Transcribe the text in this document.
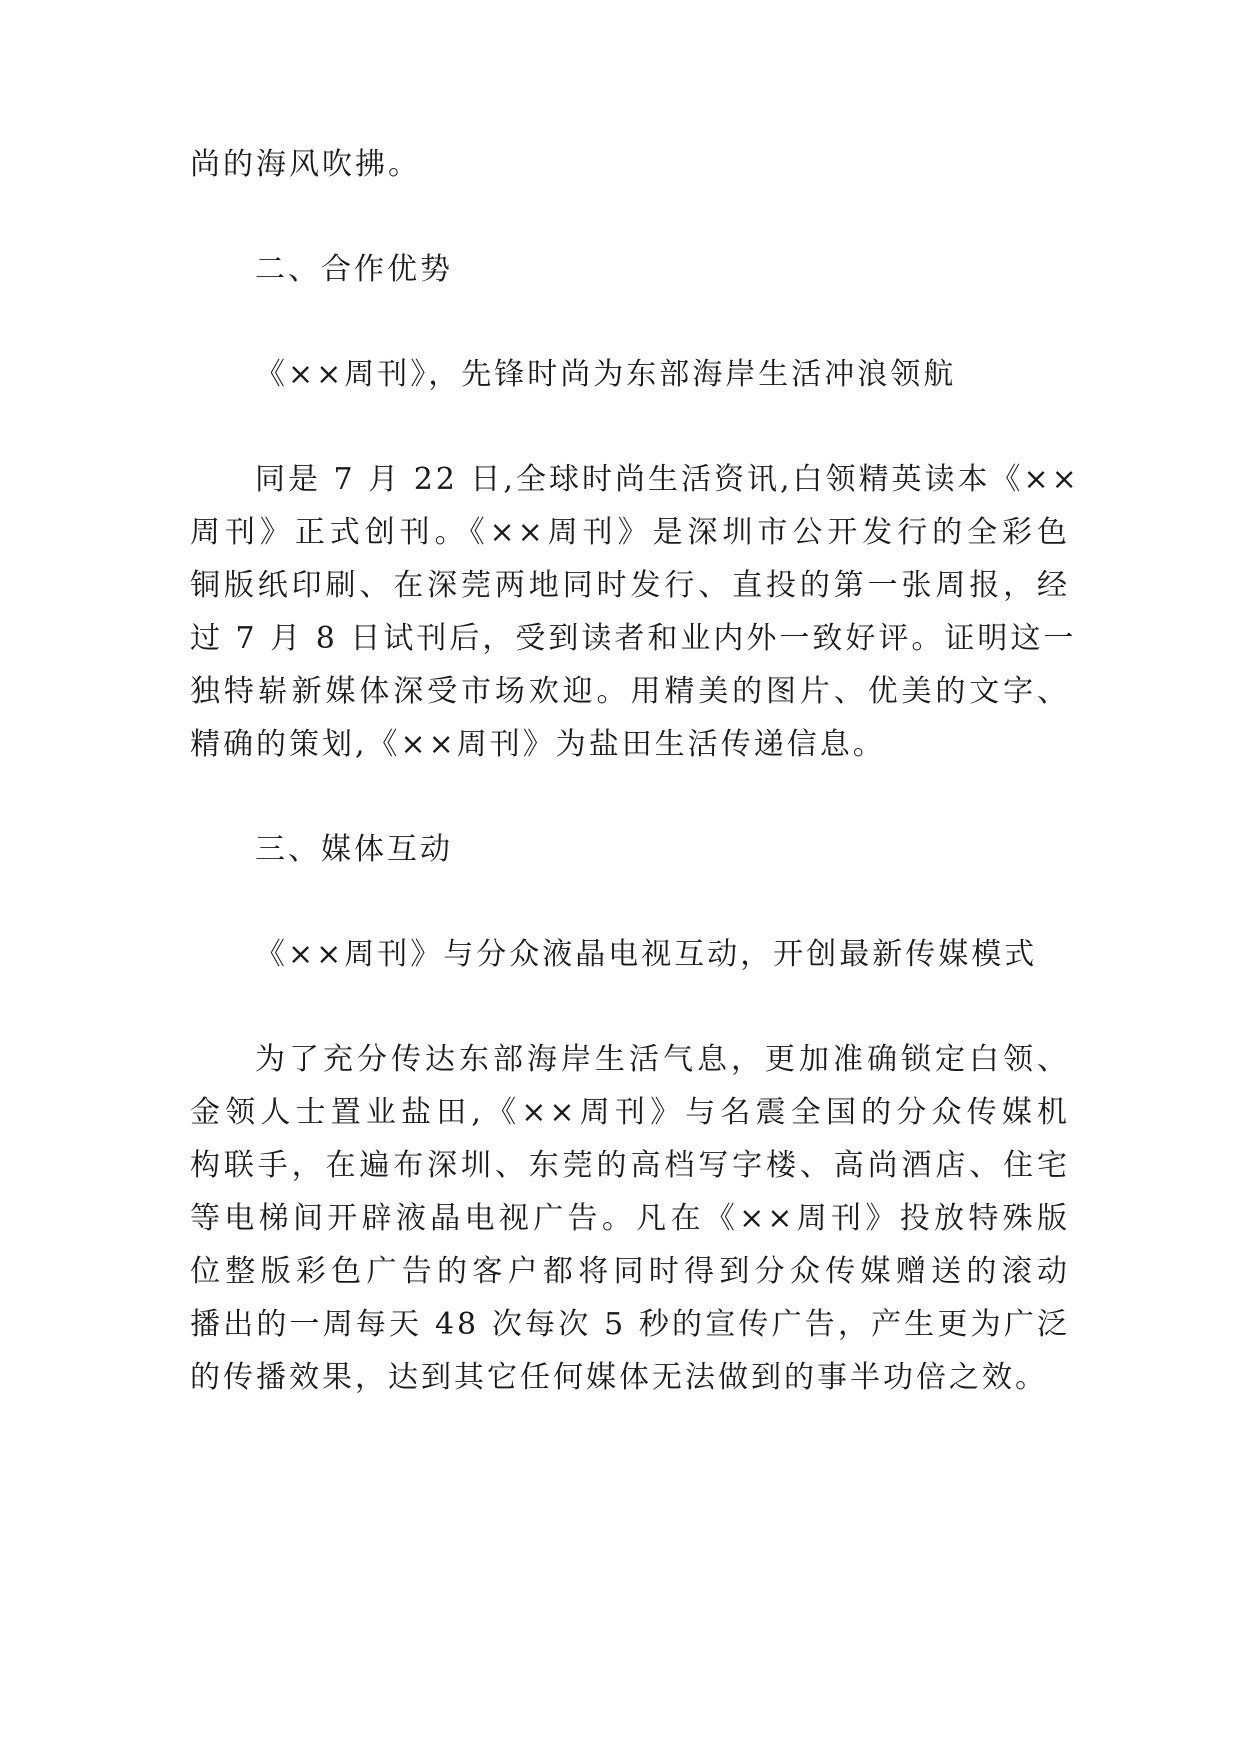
尚的海风吹拂。
二、合作优势
《××周刊》，先锋时尚为东部海岸生活冲浪领航
同是 7 月 22 日,全球时尚生活资讯,白领精英读本《××
周刊》正式创刊。《××周刊》是深圳市公开发行的全彩色
铜版纸印刷、在深莞两地同时发行、直投的第一张周报，经
过 7 月 8 日试刊后，受到读者和业内外一致好评。证明这一
独特崭新媒体深受市场欢迎。用精美的图片、优美的文字、
精确的策划,《××周刊》为盐田生活传递信息。
三、媒体互动
《××周刊》与分众液晶电视互动，开创最新传媒模式
为了充分传达东部海岸生活气息，更加准确锁定白领、
金领人士置业盐田,《××周刊》与名震全国的分众传媒机
构联手，在遍布深圳、东莞的高档写字楼、高尚酒店、住宅
等电梯间开辟液晶电视广告。凡在《××周刊》投放特殊版
位整版彩色广告的客户都将同时得到分众传媒赠送的滚动
播出的一周每天 48 次每次 5 秒的宣传广告，产生更为广泛
的传播效果，达到其它任何媒体无法做到的事半功倍之效。
